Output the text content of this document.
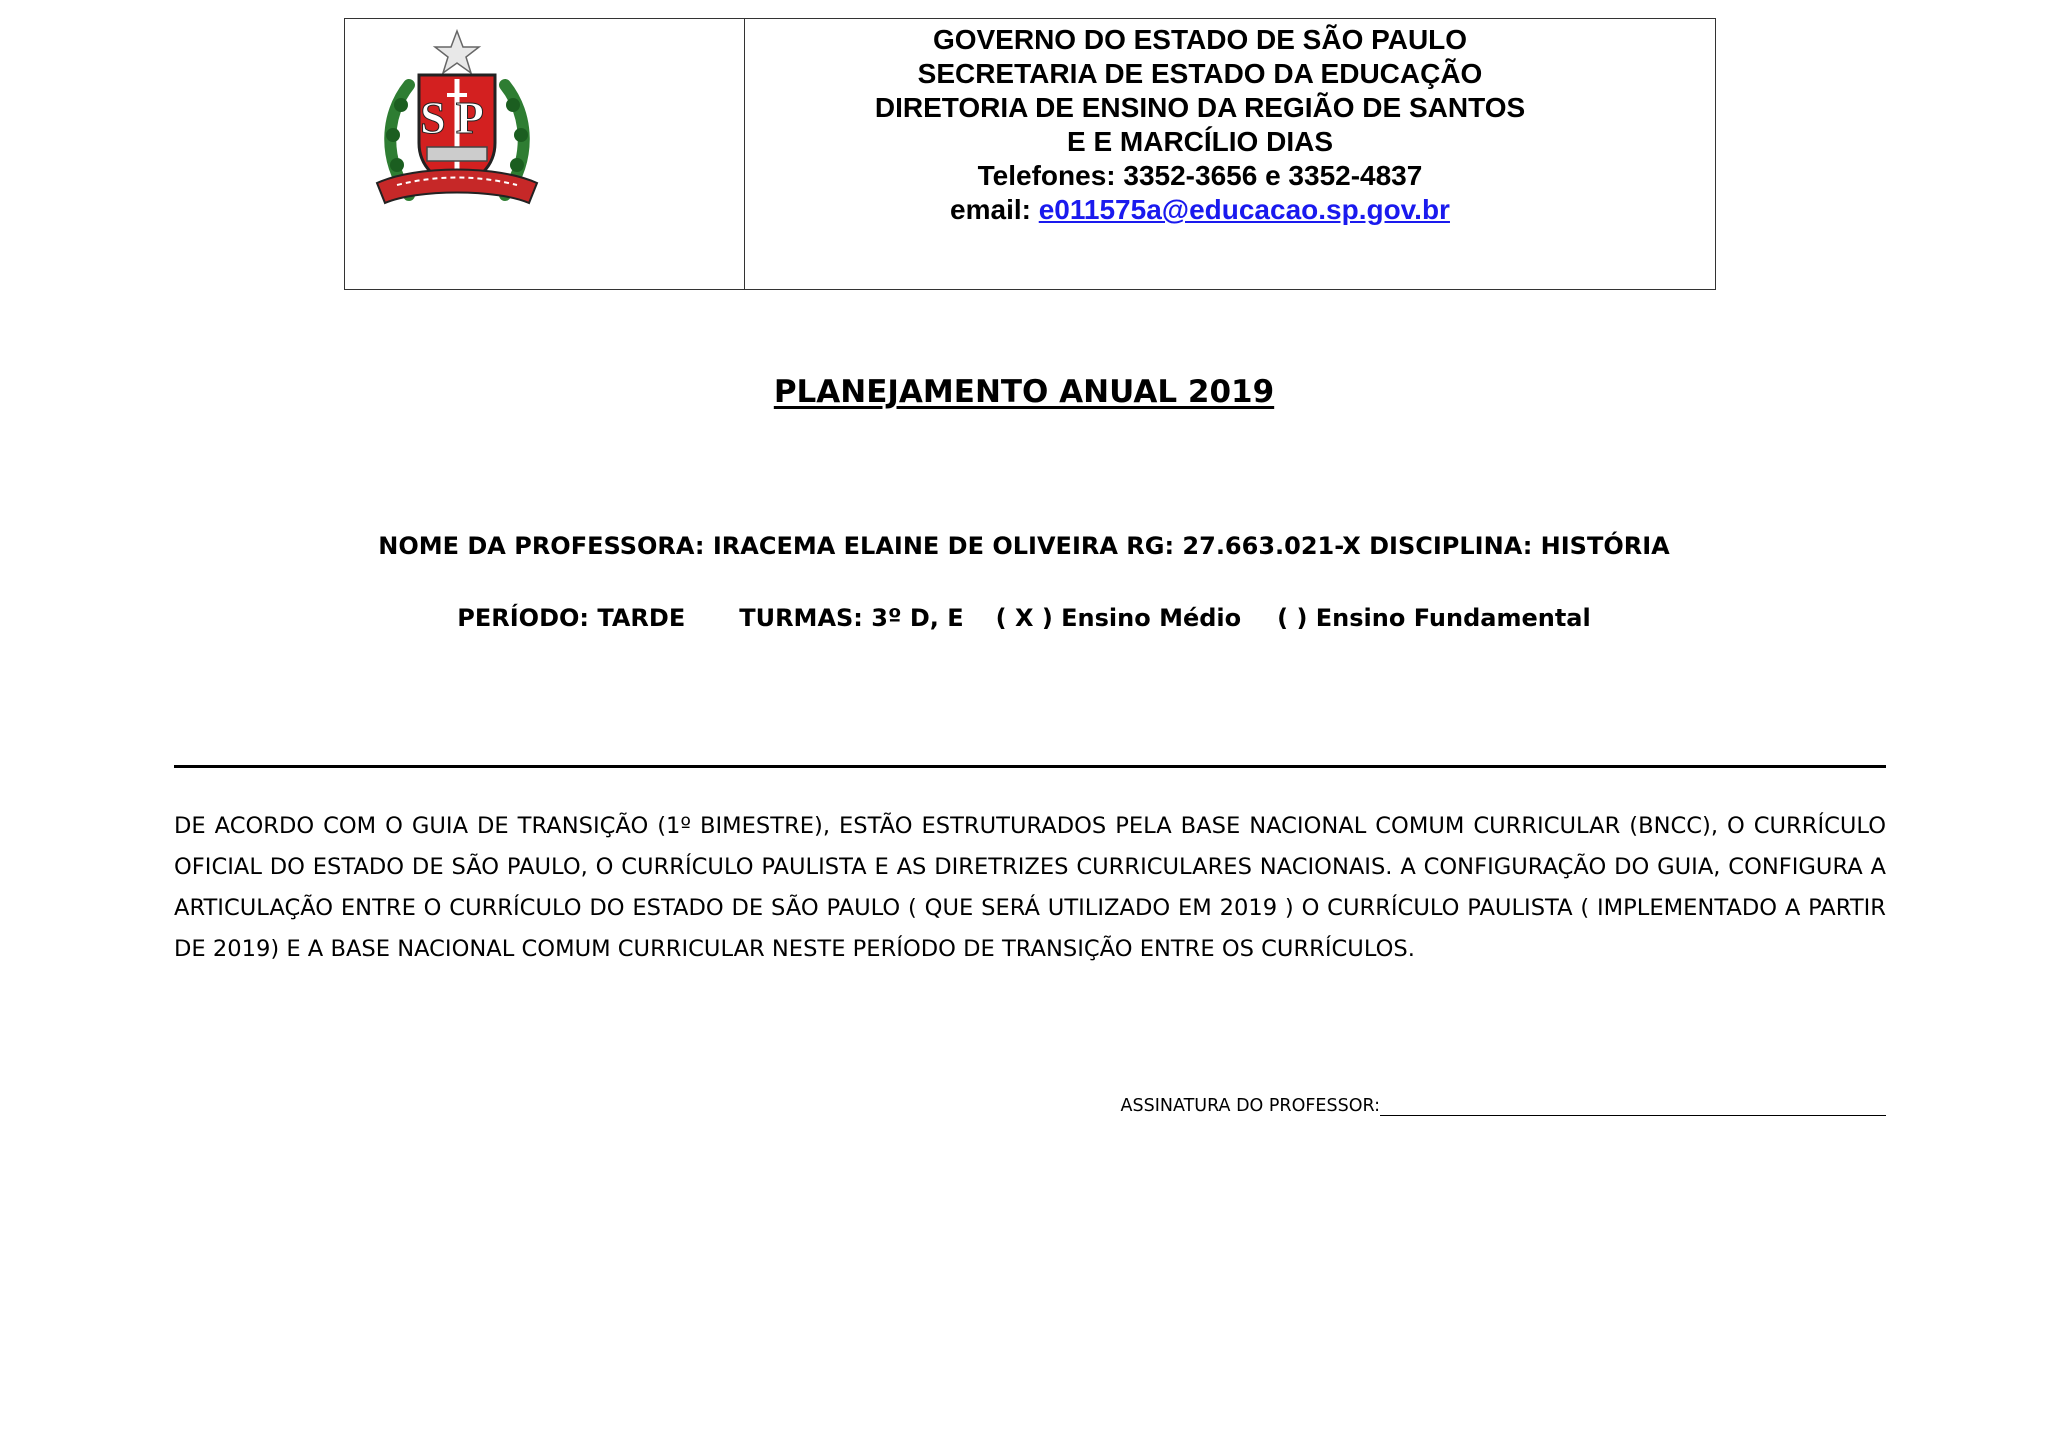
SP
GOVERNO DO ESTADO DE SÃO PAULO
SECRETARIA DE ESTADO DA EDUCAÇÃO
DIRETORIA DE ENSINO DA REGIÃO DE SANTOS
E E MARCÍLIO DIAS
Telefones: 3352-3656 e 3352-4837
email: e011575a@educacao.sp.gov.br
PLANEJAMENTO ANUAL 2019
NOME DA PROFESSORA: IRACEMA ELAINE DE OLIVEIRA RG: 27.663.021-X DISCIPLINA: HISTÓRIA
PERÍODO: TARDE TURMAS: 3º D, E ( X ) Ensino Médio ( ) Ensino Fundamental
DE ACORDO COM O GUIA DE TRANSIÇÃO (1º BIMESTRE), ESTÃO ESTRUTURADOS PELA BASE NACIONAL COMUM CURRICULAR (BNCC), O CURRÍCULO OFICIAL DO ESTADO DE SÃO PAULO, O CURRÍCULO PAULISTA E AS DIRETRIZES CURRICULARES NACIONAIS. A CONFIGURAÇÃO DO GUIA, CONFIGURA A ARTICULAÇÃO ENTRE O CURRÍCULO DO ESTADO DE SÃO PAULO ( QUE SERÁ UTILIZADO EM 2019 ) O CURRÍCULO PAULISTA ( IMPLEMENTADO A PARTIR DE 2019) E A BASE NACIONAL COMUM CURRICULAR NESTE PERÍODO DE TRANSIÇÃO ENTRE OS CURRÍCULOS.
ASSINATURA DO PROFESSOR:
